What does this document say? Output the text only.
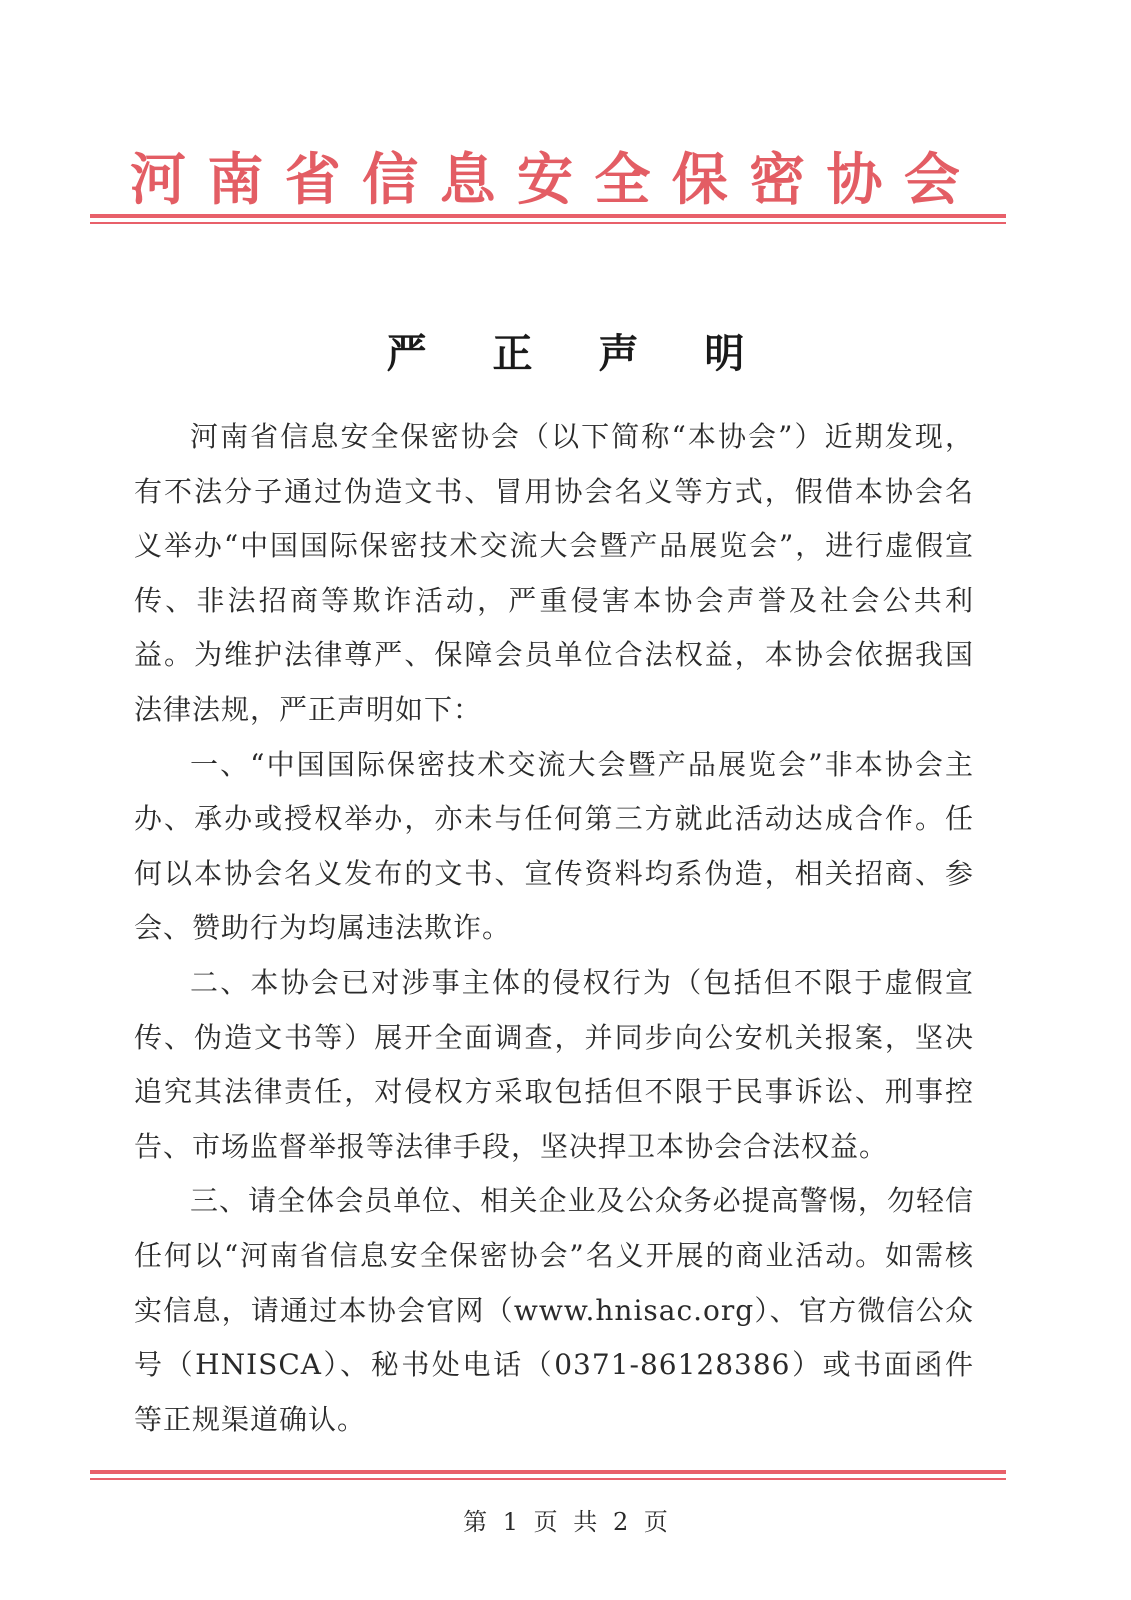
河 南 省 信 息 安 全 保 密 协 会
严 正 声 明

河南省信息安全保密协会（以下简称“本协会”）近期发现，有不法分子通过伪造文书、冒用协会名义等方式，假借本协会名义举办“中国国际保密技术交流大会暨产品展览会”，进行虚假宣传、非法招商等欺诈活动，严重侵害本协会声誉及社会公共利益。为维护法律尊严、保障会员单位合法权益，本协会依据我国法律法规，严正声明如下：

一、“中国国际保密技术交流大会暨产品展览会”非本协会主办、承办或授权举办，亦未与任何第三方就此活动达成合作。任何以本协会名义发布的文书、宣传资料均系伪造，相关招商、参会、赞助行为均属违法欺诈。

二、本协会已对涉事主体的侵权行为（包括但不限于虚假宣传、伪造文书等）展开全面调查，并同步向公安机关报案，坚决追究其法律责任，对侵权方采取包括但不限于民事诉讼、刑事控告、市场监督举报等法律手段，坚决捍卫本协会合法权益。

三、请全体会员单位、相关企业及公众务必提高警惕，勿轻信任何以“河南省信息安全保密协会”名义开展的商业活动。如需核实信息，请通过本协会官网（www.hnisac.org）、官方微信公众号（HNISCA）、秘书处电话（0371-86128386）或书面函件等正规渠道确认。

第 1 页 共 2 页
